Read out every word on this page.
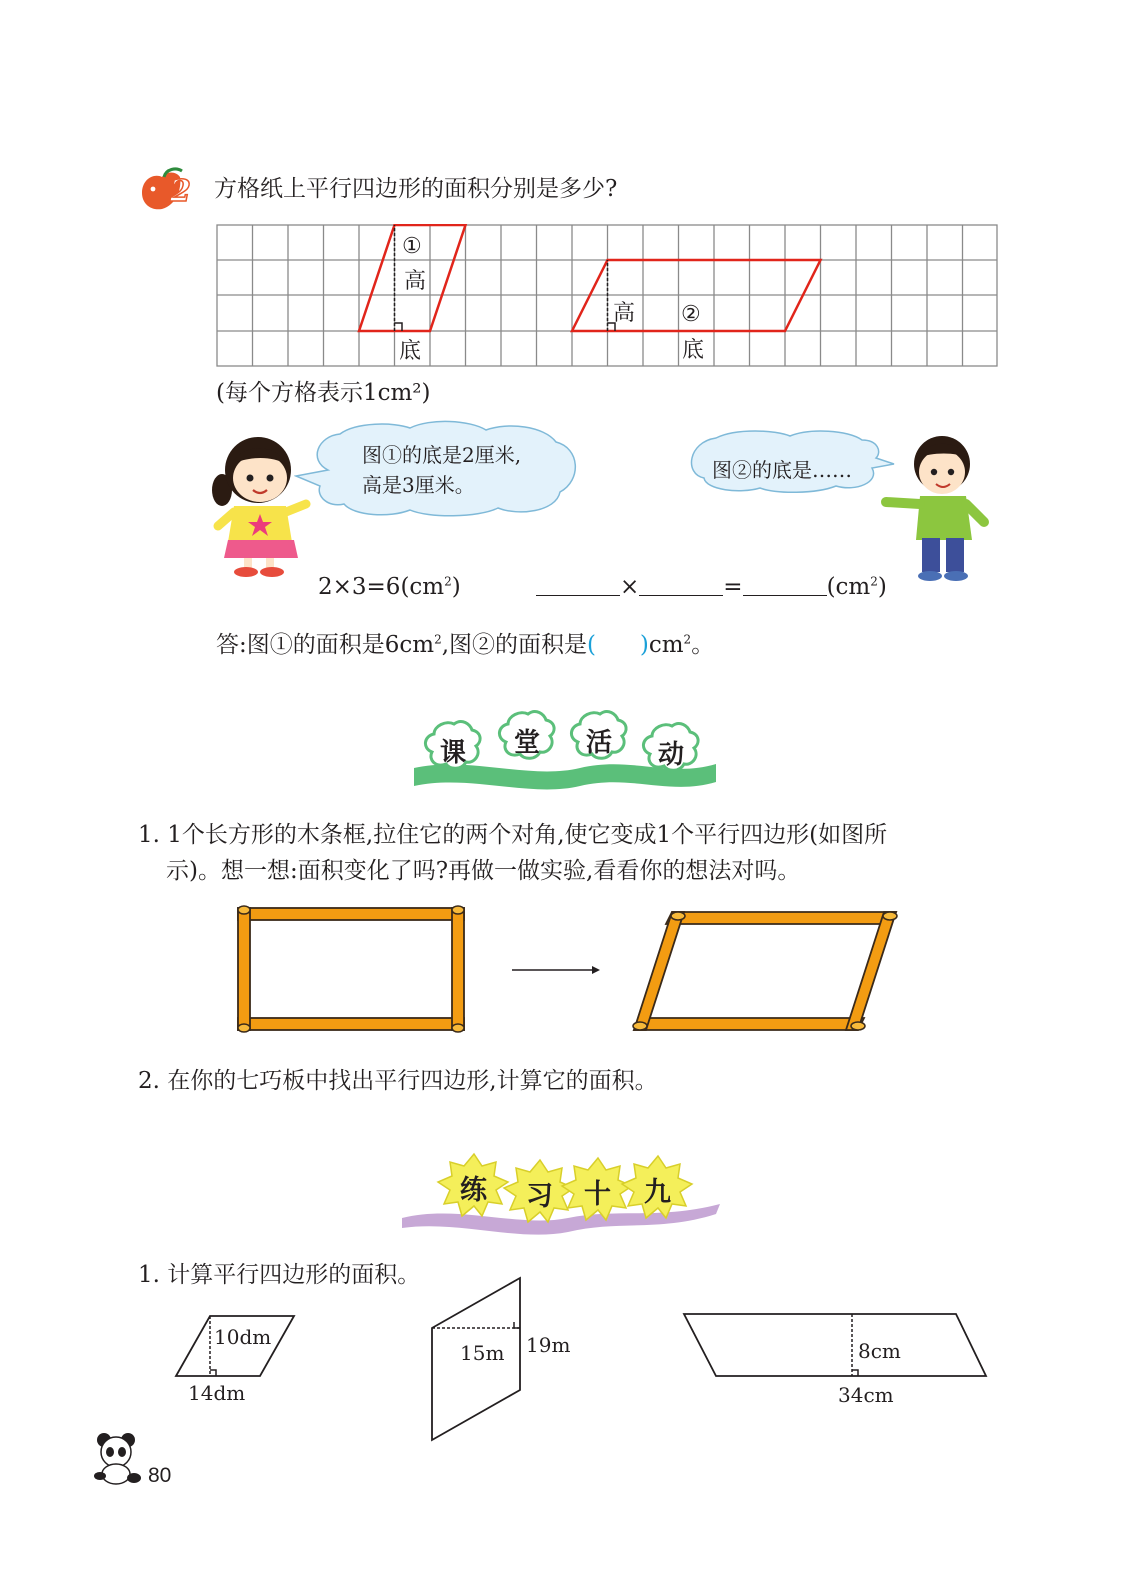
2 方格纸上平行四边形的面积分别是多少?
①
高
底
高 ②
底
(每个方格表示1cm²)
图①的底是2厘米,
高是3厘米。
图②的底是……
$2\times 3=6(cm^2)$	×	=	$(cm^2)$
答:图①的面积是$6cm^2$,图②的面积是(      )$cm^2$。
课 堂 活 动
1. 1个长方形的木条框,拉住它的两个对角,使它变成1个平行四边形(如图所
示)。想一想:面积变化了吗?再做一做实验,看看你的想法对吗。
2. 在你的七巧板中找出平行四边形,计算它的面积。
练 习 十 九
1. 计算平行四边形的面积。
10dm
14dm
15m 19m	8cm
34cm
80
